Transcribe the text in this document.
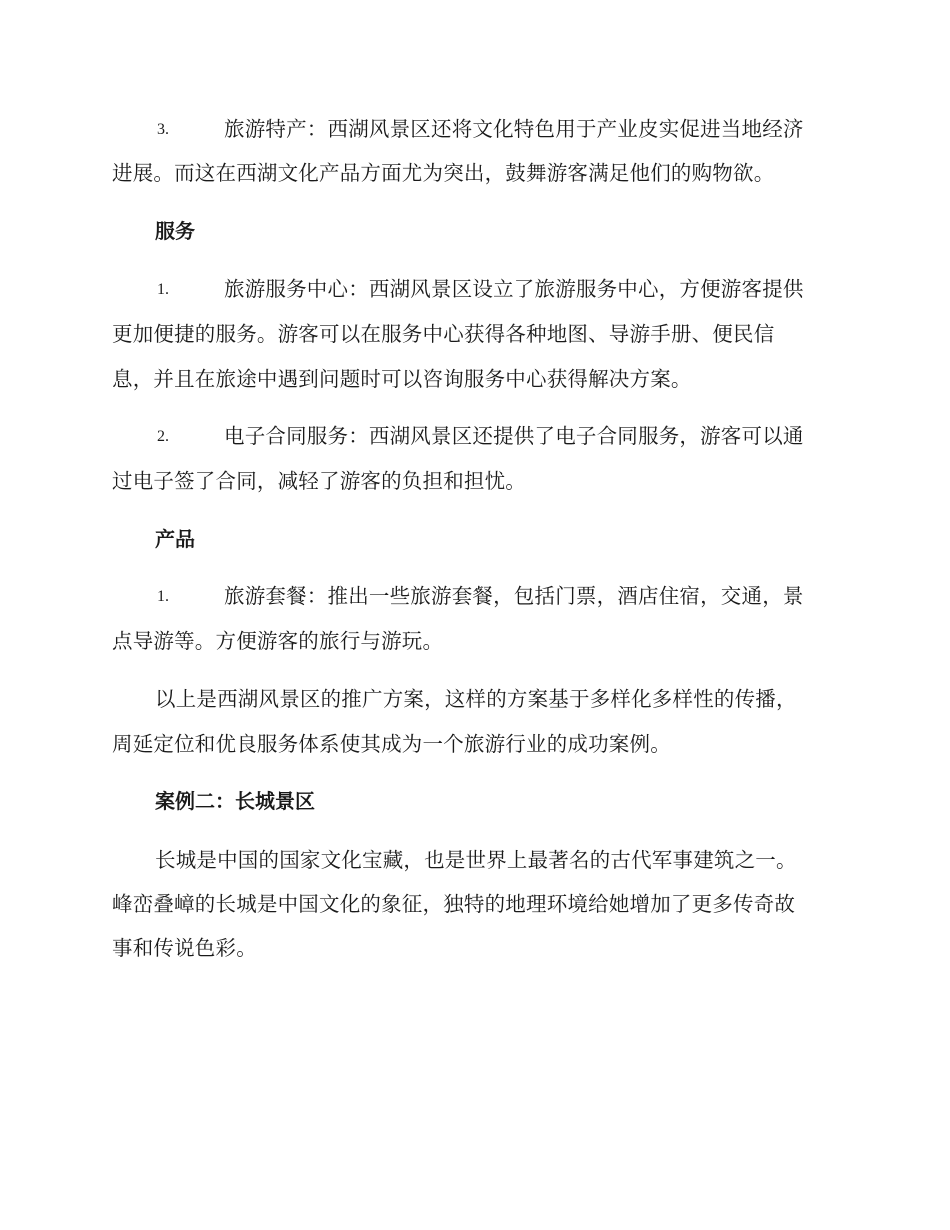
3.	旅游特产：西湖风景区还将文化特色用于产业皮实促进当地经济
进展。而这在西湖文化产品方面尤为突出，鼓舞游客满足他们的购物欲。
服务
1.	旅游服务中心：西湖风景区设立了旅游服务中心，方便游客提供
更加便捷的服务。游客可以在服务中心获得各种地图、导游手册、便民信
息，并且在旅途中遇到问题时可以咨询服务中心获得解决方案。
2.	电子合同服务：西湖风景区还提供了电子合同服务，游客可以通
过电子签了合同，减轻了游客的负担和担忧。
产品
1.	旅游套餐：推出一些旅游套餐，包括门票，酒店住宿，交通，景
点导游等。方便游客的旅行与游玩。
以上是西湖风景区的推广方案，这样的方案基于多样化多样性的传播，
周延定位和优良服务体系使其成为一个旅游行业的成功案例。
案例二：长城景区
长城是中国的国家文化宝藏，也是世界上最著名的古代军事建筑之一。
峰峦叠嶂的长城是中国文化的象征，独特的地理环境给她增加了更多传奇故
事和传说色彩。
